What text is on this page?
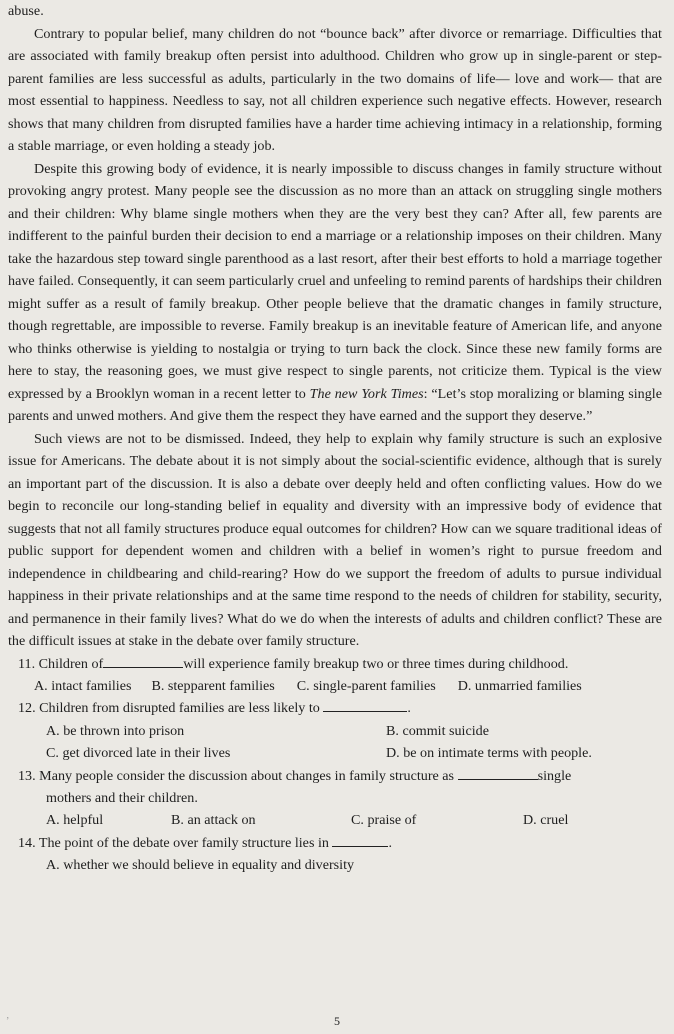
abuse.

Contrary to popular belief, many children do not “bounce back” after divorce or remarriage. Difficulties that are associated with family breakup often persist into adulthood. Children who grow up in single-parent or step-parent families are less successful as adults, particularly in the two domains of life— love and work— that are most essential to happiness. Needless to say, not all children experience such negative effects. However, research shows that many children from disrupted families have a harder time achieving intimacy in a relationship, forming a stable marriage, or even holding a steady job.

Despite this growing body of evidence, it is nearly impossible to discuss changes in family structure without provoking angry protest. Many people see the discussion as no more than an attack on struggling single mothers and their children: Why blame single mothers when they are the very best they can? After all, few parents are indifferent to the painful burden their decision to end a marriage or a relationship imposes on their children. Many take the hazardous step toward single parenthood as a last resort, after their best efforts to hold a marriage together have failed. Consequently, it can seem particularly cruel and unfeeling to remind parents of hardships their children might suffer as a result of family breakup. Other people believe that the dramatic changes in family structure, though regrettable, are impossible to reverse. Family breakup is an inevitable feature of American life, and anyone who thinks otherwise is yielding to nostalgia or trying to turn back the clock. Since these new family forms are here to stay, the reasoning goes, we must give respect to single parents, not criticize them. Typical is the view expressed by a Brooklyn woman in a recent letter to The new York Times: “Let’s stop moralizing or blaming single parents and unwed mothers. And give them the respect they have earned and the support they deserve.”

Such views are not to be dismissed. Indeed, they help to explain why family structure is such an explosive issue for Americans. The debate about it is not simply about the social-scientific evidence, although that is surely an important part of the discussion. It is also a debate over deeply held and often conflicting values. How do we begin to reconcile our long-standing belief in equality and diversity with an impressive body of evidence that suggests that not all family structures produce equal outcomes for children? How can we square traditional ideas of public support for dependent women and children with a belief in women’s right to pursue freedom and independence in childbearing and child-rearing? How do we support the freedom of adults to pursue individual happiness in their private relationships and at the same time respond to the needs of children for stability, security, and permanence in their family lives? What do we do when the interests of adults and children conflict? These are the difficult issues at stake in the debate over family structure.

11. Children of	will experience family breakup two or three times during childhood.

A. intact families B. stepparent families C. single-parent families D. unmarried families

12. Children from disrupted families are less likely to	.

A. be thrown into prison	B. commit suicide
C. get divorced late in their lives	D. be on intimate terms with people.

13. Many people consider the discussion about changes in family structure as	single

mothers and their children.

A. helpful	B. an attack on	C. praise of	D. cruel

14. The point of the debate over family structure lies in	.

A. whether we should believe in equality and diversity

’	5
